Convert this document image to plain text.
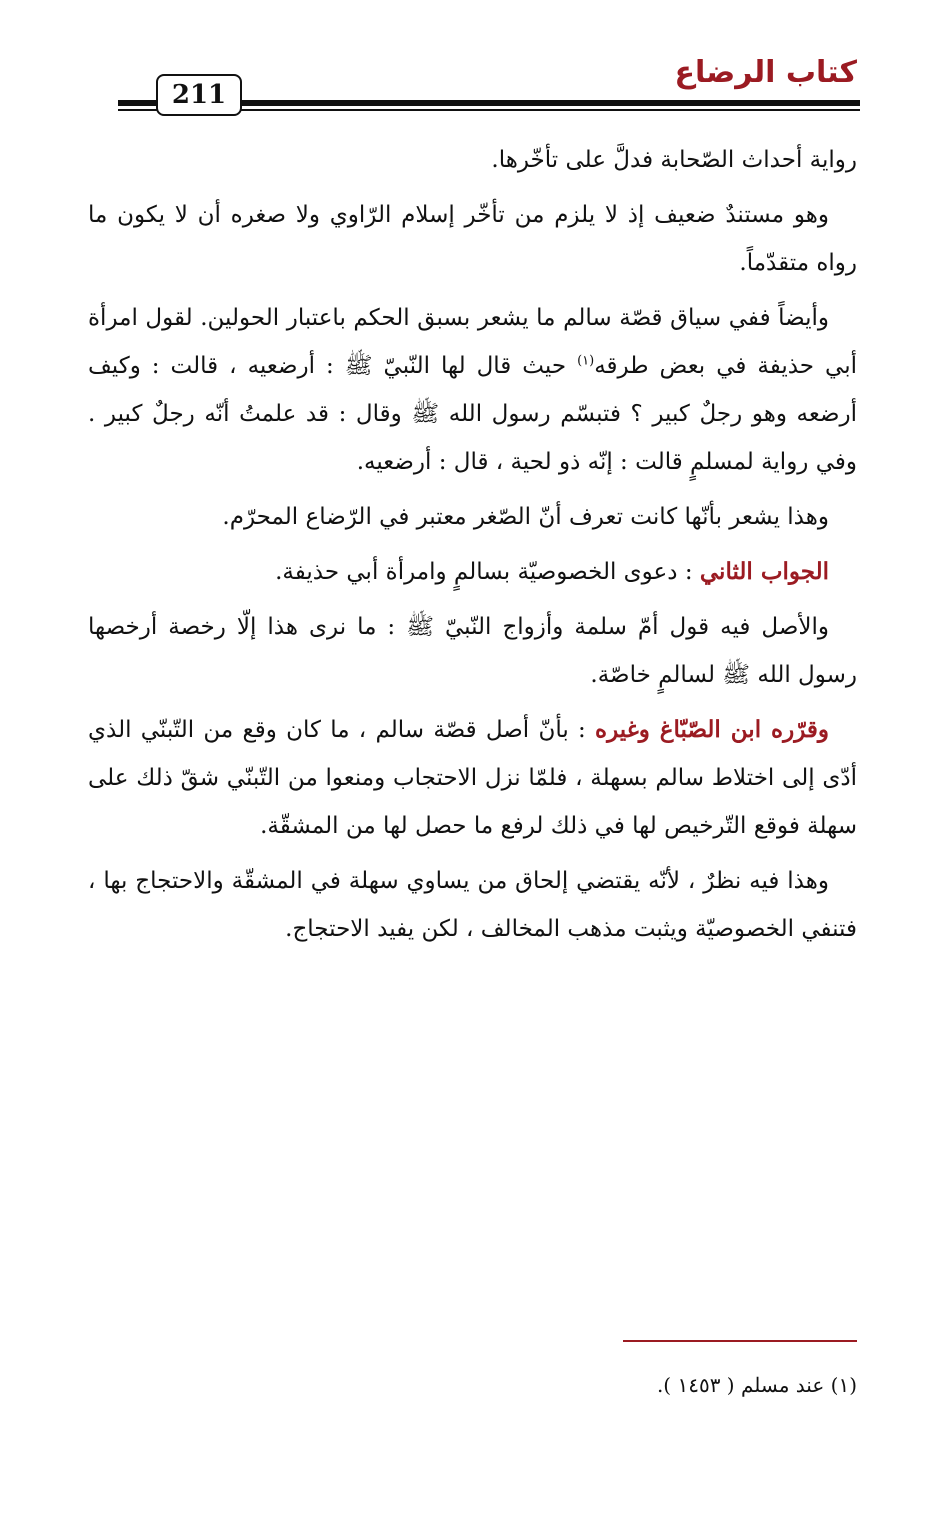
كتاب الرضاع
211

رواية أحداث الصّحابة فدلَّ على تأخّرها.

وهو مستندٌ ضعيف إذ لا يلزم من تأخّر إسلام الرّاوي ولا صغره أن لا يكون ما رواه متقدّماً.

وأيضاً ففي سياق قصّة سالم ما يشعر بسبق الحكم باعتبار الحولين. لقول امرأة أبي حذيفة في بعض طرقه$^{(١)}$ حيث قال لها النّبيّ ﷺ : أرضعيه ، قالت : وكيف أرضعه وهو رجلٌ كبير ؟ فتبسّم رسول الله ﷺ وقال : قد علمتُ أنّه رجلٌ كبير . وفي رواية لمسلمٍ قالت : إنّه ذو لحية ، قال : أرضعيه.

وهذا يشعر بأنّها كانت تعرف أنّ الصّغر معتبر في الرّضاع المحرّم.

الجواب الثاني : دعوى الخصوصيّة بسالمٍ وامرأة أبي حذيفة.

والأصل فيه قول أمّ سلمة وأزواج النّبيّ ﷺ : ما نرى هذا إلّا رخصة أرخصها رسول الله ﷺ لسالمٍ خاصّة.

وقرّره ابن الصّبّاغ وغيره : بأنّ أصل قصّة سالم ، ما كان وقع من التّبنّي الذي أدّى إلى اختلاط سالم بسهلة ، فلمّا نزل الاحتجاب ومنعوا من التّبنّي شقّ ذلك على سهلة فوقع التّرخيص لها في ذلك لرفع ما حصل لها من المشقّة.

وهذا فيه نظرٌ ، لأنّه يقتضي إلحاق من يساوي سهلة في المشقّة والاحتجاج بها ، فتنفي الخصوصيّة ويثبت مذهب المخالف ، لكن يفيد الاحتجاج.

(١) عند مسلم ( ١٤٥٣ ).
